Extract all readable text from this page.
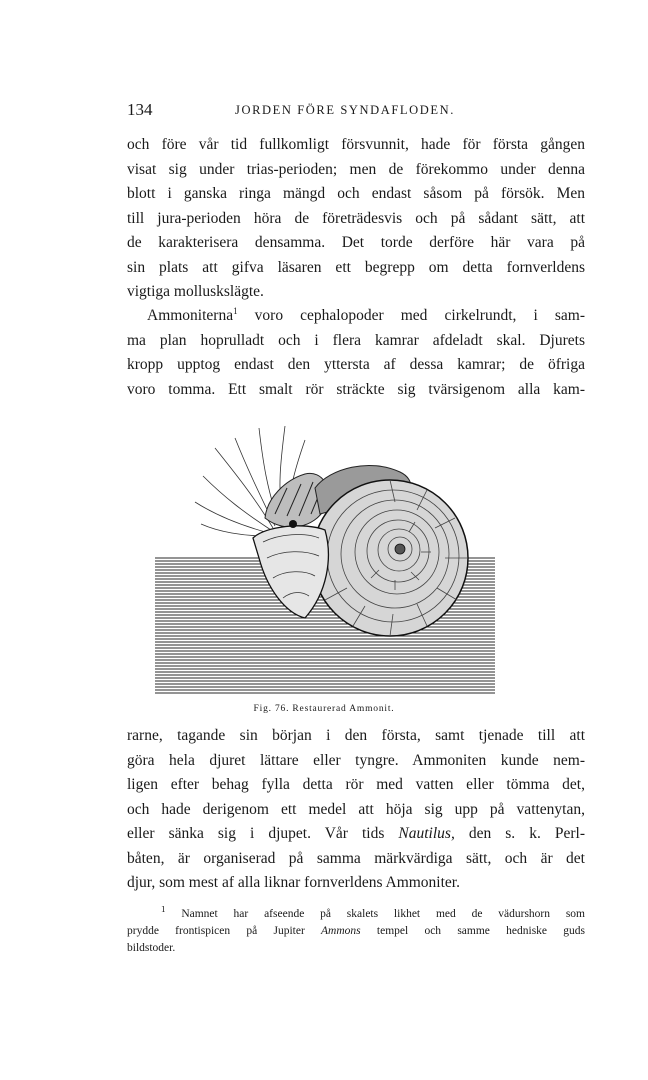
134	JORDEN FÖRE SYNDAFLODEN.
och före vår tid fullkomligt försvunnit, hade för första gången
visat sig under trias-perioden; men de förekommo under denna
blott i ganska ringa mängd och endast såsom på försök. Men
till jura-perioden höra de företrädesvis och på sådant sätt, att
de karakterisera densamma. Det torde derföre här vara på
sin plats att gifva läsaren ett begrepp om detta fornverldens
vigtiga molluskslägte.
Ammoniterna$^1$ voro cephalopoder med cirkelrundt, i sam-
ma plan hoprulladt och i flera kamrar afdeladt skal. Djurets
kropp upptog endast den yttersta af dessa kamrar; de öfriga
voro tomma. Ett smalt rör sträckte sig tvärsigenom alla kam-
Fig. 76. Restaurerad Ammonit.
rarne, tagande sin början i den första, samt tjenade till att
göra hela djuret lättare eller tyngre. Ammoniten kunde nem-
ligen efter behag fylla detta rör med vatten eller tömma det,
och hade derigenom ett medel att höja sig upp på vattenytan,
eller sänka sig i djupet. Vår tids Nautilus, den s. k. Perl-
båten, är organiserad på samma märkvärdiga sätt, och är det
djur, som mest af alla liknar fornverldens Ammoniter.
$^1$ Namnet har afseende på skalets likhet med de vädurshorn som
prydde frontispicen på Jupiter Ammons tempel och samme hedniske guds
bildstoder.
